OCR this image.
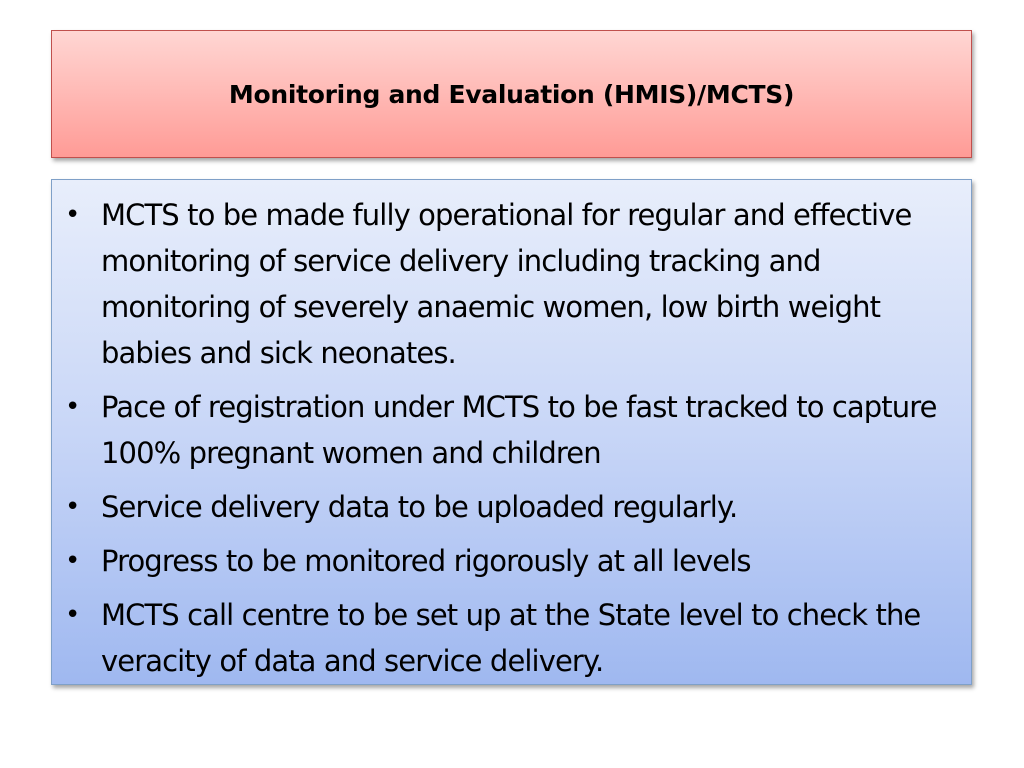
Monitoring and Evaluation (HMIS)/MCTS)
• MCTS to be made fully operational for regular and effective monitoring of service delivery including tracking and monitoring of severely anaemic women, low birth weight babies and sick neonates.
• Pace of registration under MCTS to be fast tracked to capture 100% pregnant women and children
• Service delivery data to be uploaded regularly.
• Progress to be monitored rigorously at all levels
• MCTS call centre to be set up at the State level to check the veracity of data and service delivery.
